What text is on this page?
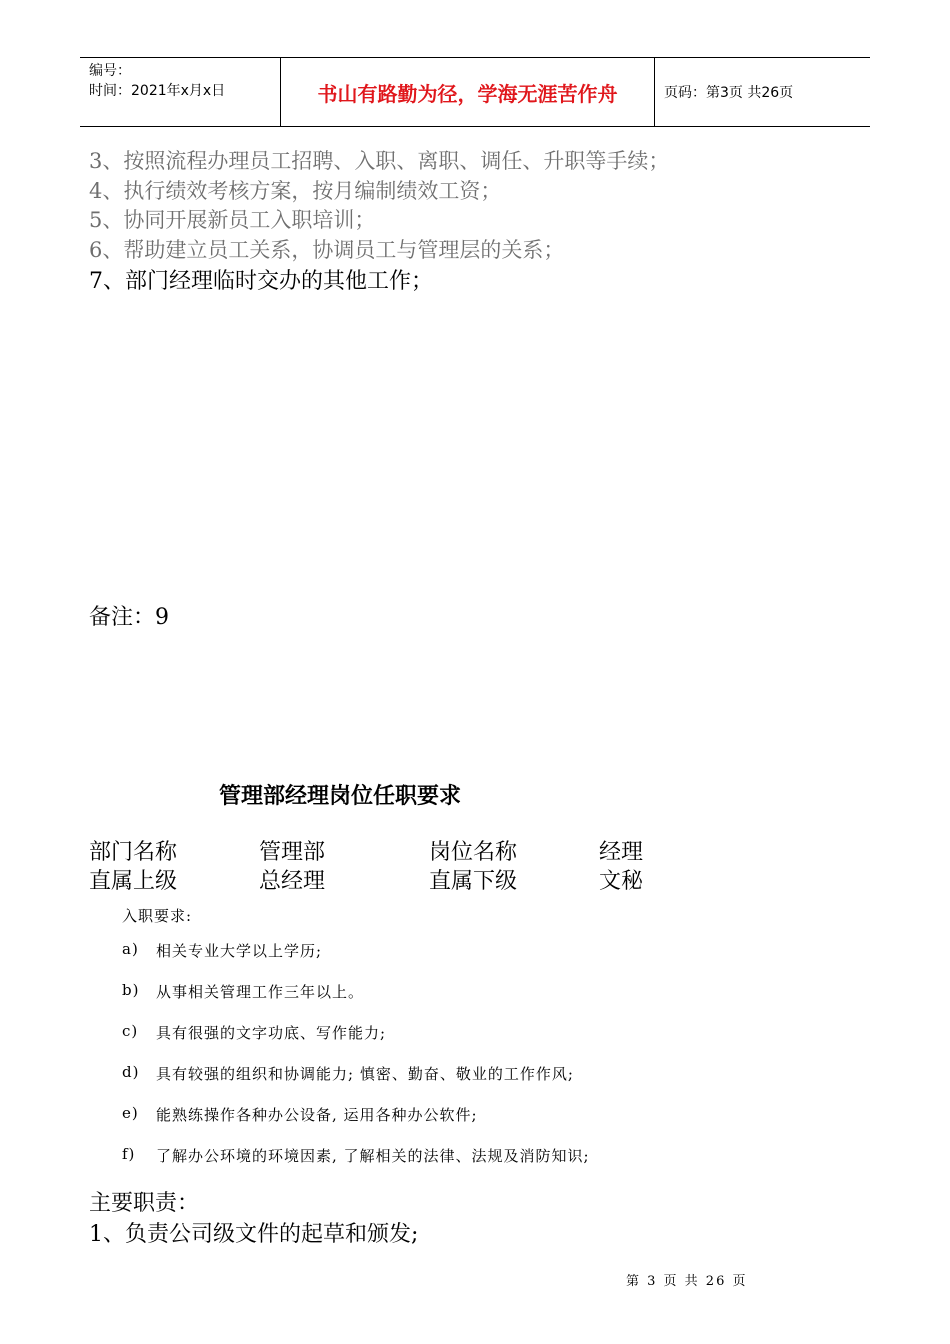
编号：
时间：2021年x月x日	书山有路勤为径，学海无涯苦作舟	页码：第3页 共26页
3、按照流程办理员工招聘、入职、离职、调任、升职等手续；
4、执行绩效考核方案，按月编制绩效工资；
5、协同开展新员工入职培训；
6、帮助建立员工关系，协调员工与管理层的关系；
7、部门经理临时交办的其他工作；
备注：9
管理部经理岗位任职要求
部门名称	管理部	岗位名称	经理
直属上级	总经理	直属下级	文秘
入职要求:
a)	相关专业大学以上学历;
b)	从事相关管理工作三年以上。
c)	具有很强的文字功底、写作能力;
d)	具有较强的组织和协调能力; 慎密、勤奋、敬业的工作作风;
e)	能熟练操作各种办公设备, 运用各种办公软件;
f)	了解办公环境的环境因素, 了解相关的法律、法规及消防知识;
主要职责：
1、负责公司级文件的起草和颁发;
第 3 页 共 26 页
